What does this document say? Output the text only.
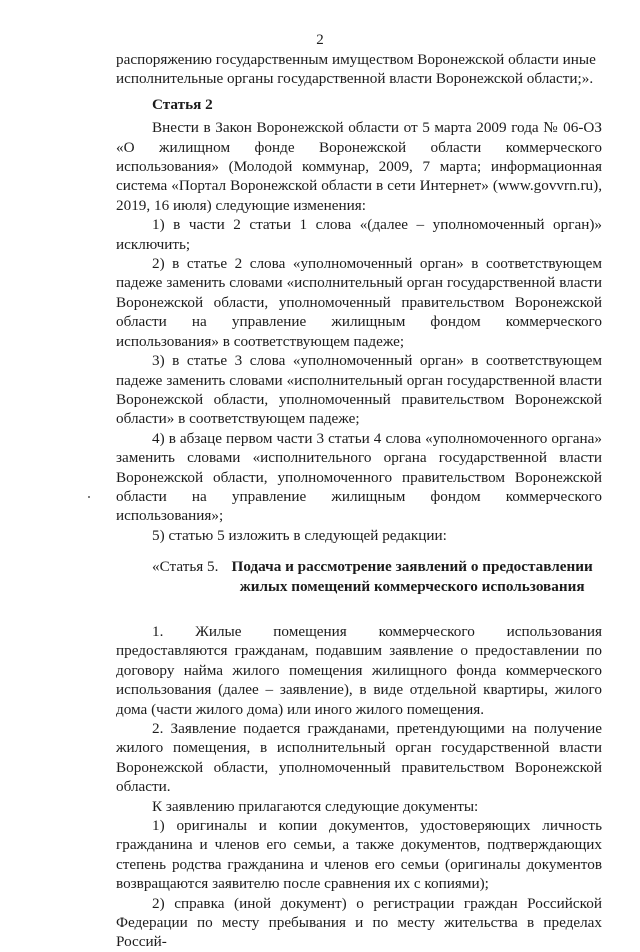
2

распоряжению государственным имуществом Воронежской области иные

исполнительные органы государственной власти Воронежской области;».

Статья 2

Внести в Закон Воронежской области от 5 марта 2009 года № 06-ОЗ «О жилищном фонде Воронежской области коммерческого использования» (Молодой коммунар, 2009, 7 марта; информационная система «Портал Воронежской области в сети Интернет» (www.govvrn.ru), 2019, 16 июля) следующие изменения:

1) в части 2 статьи 1 слова «(далее – уполномоченный орган)» исключить;

2) в статье 2 слова «уполномоченный орган» в соответствующем падеже заменить словами «исполнительный орган государственной власти Воронежской области, уполномоченный правительством Воронежской области на управление жилищным фондом коммерческого использования» в соответствующем падеже;

3) в статье 3 слова «уполномоченный орган» в соответствующем падеже заменить словами «исполнительный орган государственной власти Воронежской области, уполномоченный правительством Воронежской области» в соответствующем падеже;

4) в абзаце первом части 3 статьи 4 слова «уполномоченного органа» заменить словами «исполнительного органа государственной власти Воронежской области, уполномоченного правительством Воронежской области на управление жилищным фондом коммерческого использования»;

5) статью 5 изложить в следующей редакции:

«Статья 5. Подача и рассмотрение заявлений о предоставлении жилых помещений коммерческого использования

1. Жилые помещения коммерческого использования предоставляются гражданам, подавшим заявление о предоставлении по договору найма жилого помещения жилищного фонда коммерческого использования (далее – заявление), в виде отдельной квартиры, жилого дома (части жилого дома) или иного жилого помещения.

2. Заявление подается гражданами, претендующими на получение жилого помещения, в исполнительный орган государственной власти Воронежской области, уполномоченный правительством Воронежской области.

К заявлению прилагаются следующие документы:

1) оригиналы и копии документов, удостоверяющих личность гражданина и членов его семьи, а также документов, подтверждающих степень родства гражданина и членов его семьи (оригиналы документов возвращаются заявителю после сравнения их с копиями);

2) справка (иной документ) о регистрации граждан Российской Федерации по месту пребывания и по месту жительства в пределах Россий-
